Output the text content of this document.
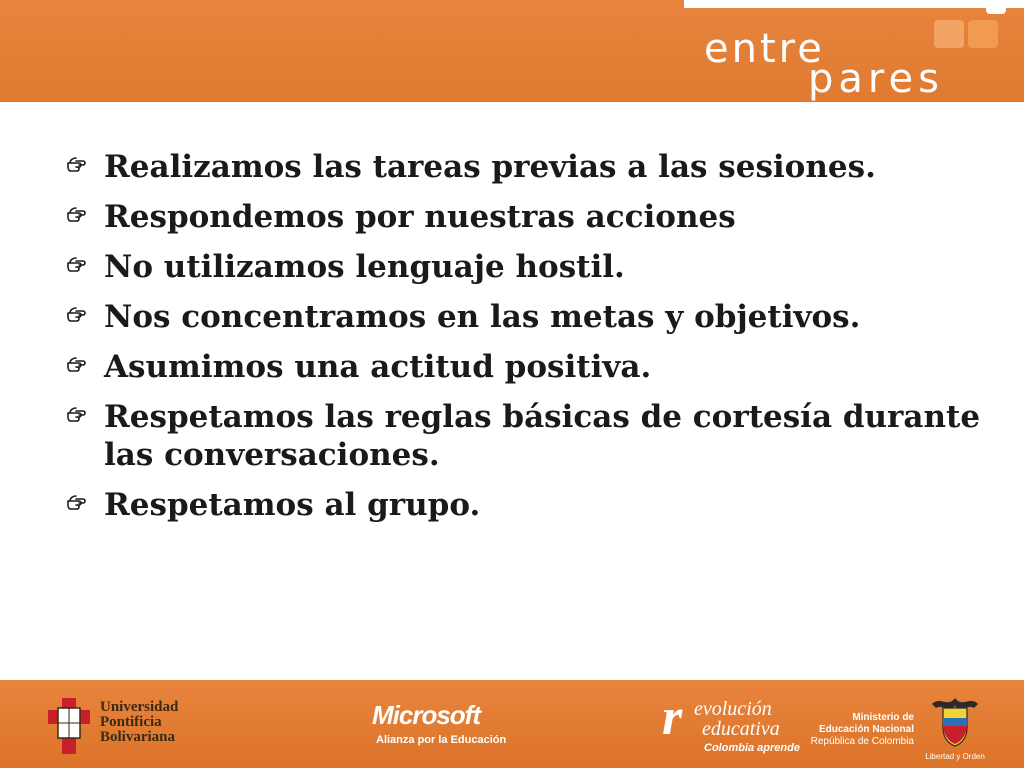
entre
pares
Realizamos las tareas previas a las sesiones.
Respondemos por nuestras acciones
No utilizamos lenguaje hostil.
Nos concentramos en las metas y objetivos.
Asumimos una actitud positiva.
Respetamos las reglas básicas de cortesía durante las conversaciones.
Respetamos al grupo.
Universidad
Pontificia
Bolivariana
Microsoft
Alianza por la Educación	r evolución
educativa
Colombia aprende
Ministerio de
Educación Nacional
República de Colombia
Libertad y Orden
